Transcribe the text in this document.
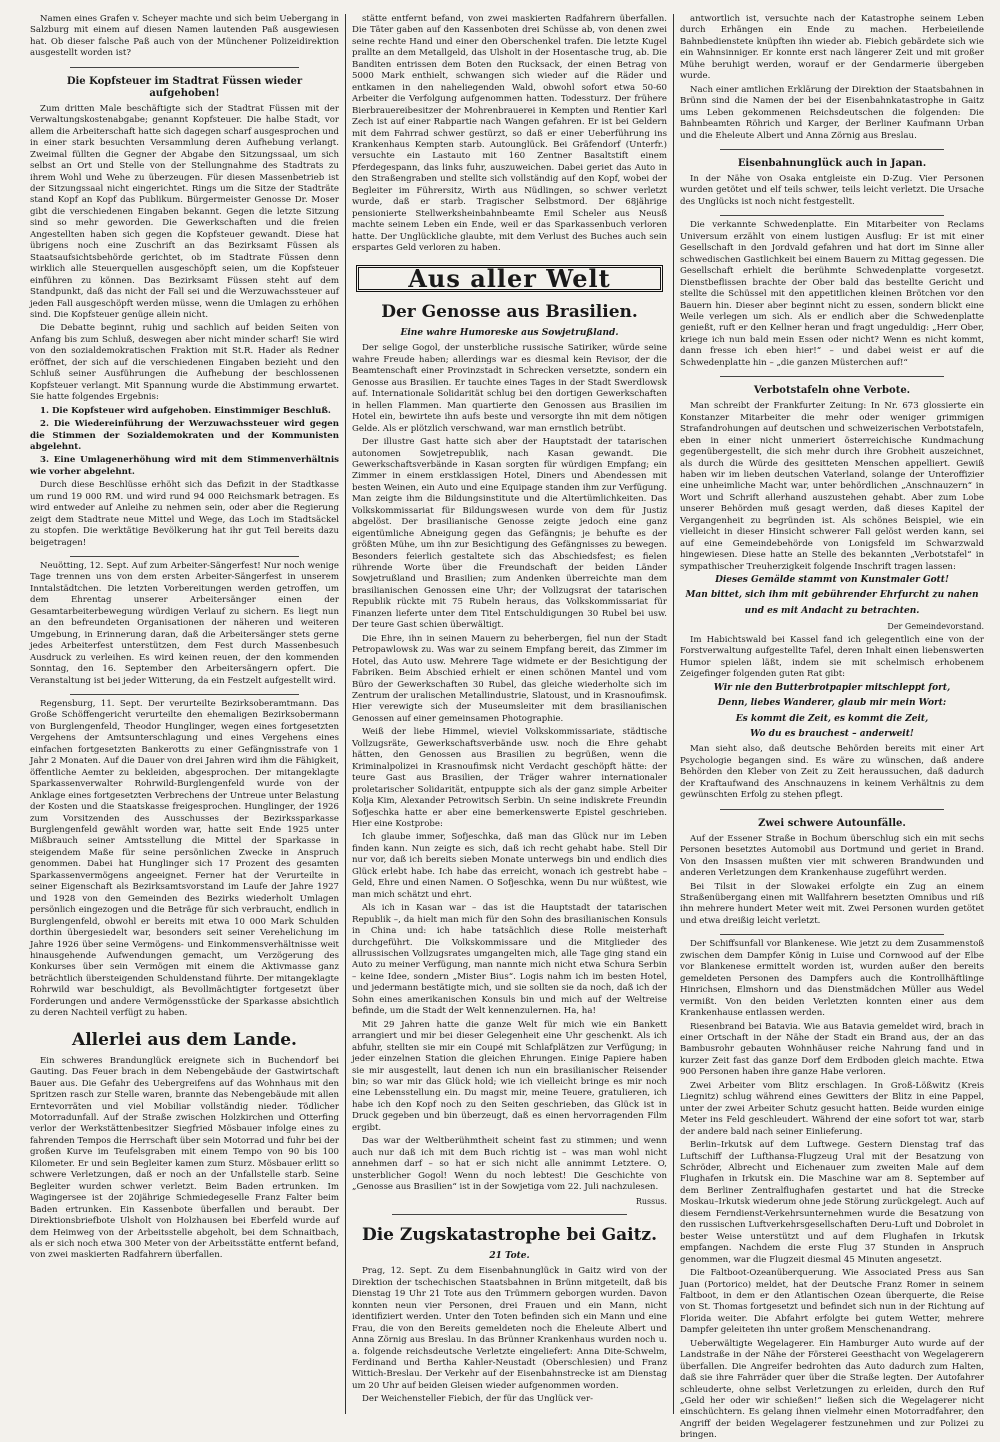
Namen eines Grafen v. Scheyer machte und sich beim Uebergang in Salzburg mit einem auf diesen Namen lautenden Paß ausgewiesen hat. Ob dieser falsche Paß auch von der Münchener Polizeidirektion ausgestellt worden ist?

Die Kopfsteuer im Stadtrat Füssen wieder aufgehoben!

Zum dritten Male beschäftigte sich der Stadtrat Füssen mit der Verwaltungskostenabgabe; genannt Kopfsteuer. Die halbe Stadt, vor allem die Arbeiterschaft hatte sich dagegen scharf ausgesprochen und in einer stark besuchten Versammlung deren Aufhebung verlangt. Zweimal füllten die Gegner der Abgabe den Sitzungssaal, um sich selbst an Ort und Stelle von der Stellungnahme des Stadtrats zu ihrem Wohl und Wehe zu überzeugen. Für diesen Massenbetrieb ist der Sitzungssaal nicht eingerichtet. Rings um die Sitze der Stadträte stand Kopf an Kopf das Publikum. Bürgermeister Genosse Dr. Moser gibt die verschiedenen Eingaben bekannt. Gegen die letzte Sitzung sind so mehr geworden. Die Gewerkschaften und die freien Angestellten haben sich gegen die Kopfsteuer gewandt. Diese hat übrigens noch eine Zuschrift an das Bezirksamt Füssen als Staatsaufsichtsbehörde gerichtet, ob im Stadtrate Füssen denn wirklich alle Steuerquellen ausgeschöpft seien, um die Kopfsteuer einführen zu können. Das Bezirksamt Füssen steht auf dem Standpunkt, daß das nicht der Fall sei und die Werzuwachssteuer auf jeden Fall ausgeschöpft werden müsse, wenn die Umlagen zu erhöhen sind. Die Kopfsteuer genüge allein nicht.

Die Debatte beginnt, ruhig und sachlich auf beiden Seiten von Anfang bis zum Schluß, deswegen aber nicht minder scharf! Sie wird von den sozialdemokratischen Fraktion mit St.R. Hader als Redner eröffnet, der sich auf die verschiedenen Eingaben bezieht und den Schluß seiner Ausführungen die Aufhebung der beschlossenen Kopfsteuer verlangt. Mit Spannung wurde die Abstimmung erwartet. Sie hatte folgendes Ergebnis:

1. Die Kopfsteuer wird aufgehoben. Einstimmiger Beschluß.

2. Die Wiedereinführung der Werzuwachssteuer wird gegen die Stimmen der Sozialdemokraten und der Kommunisten abgelehnt.

3. Eine Umlagenerhöhung wird mit dem Stimmenverhältnis wie vorher abgelehnt.

Durch diese Beschlüsse erhöht sich das Defizit in der Stadtkasse um rund 19 000 RM. und wird rund 94 000 Reichsmark betragen. Es wird entweder auf Anleihe zu nehmen sein, oder aber die Regierung zeigt dem Stadtrate neue Mittel und Wege, das Loch im Stadtsäckel zu stopfen. Die werktätige Bevölkerung hat ihr gut Teil bereits dazu beigetragen!

Neuötting, 12. Sept. Auf zum Arbeiter-Sängerfest! Nur noch wenige Tage trennen uns von dem ersten Arbeiter-Sängerfest in unserem Inntalstädtchen. Die letzten Vorbereitungen werden getroffen, um dem Ehrentag unserer Arbeitersänger einen der Gesamtarbeiterbewegung würdigen Verlauf zu sichern. Es liegt nun an den befreundeten Organisationen der näheren und weiteren Umgebung, in Erinnerung daran, daß die Arbeitersänger stets gerne jedes Arbeiterfest unterstützen, dem Fest durch Massenbesuch Ausdruck zu verleihen. Es wird keinen reuen, der den kommenden Sonntag, den 16. September den Arbeitersängern opfert. Die Veranstaltung ist bei jeder Witterung, da ein Festzelt aufgestellt wird.

Regensburg, 11. Sept. Der verurteilte Bezirksoberamtmann. Das Große Schöffengericht verurteilte den ehemaligen Bezirksobermann von Burglengenfeld, Theodor Hunglinger, wegen eines fortgesetzten Vergehens der Amtsunterschlagung und eines Vergehens eines einfachen fortgesetzten Bankerotts zu einer Gefängnisstrafe von 1 Jahr 2 Monaten. Auf die Dauer von drei Jahren wird ihm die Fähigkeit, öffentliche Aemter zu bekleiden, abgesprochen. Der mitangeklagte Sparkassenverwalter Rohrwild-Burglengenfeld wurde von der Anklage eines fortgesetzten Verbrechens der Untreue unter Belastung der Kosten und die Staatskasse freigesprochen. Hunglinger, der 1926 zum Vorsitzenden des Ausschusses der Bezirkssparkasse Burglengenfeld gewählt worden war, hatte seit Ende 1925 unter Mißbrauch seiner Amtsstellung die Mittel der Sparkasse in steigendem Maße für seine persönlichen Zwecke in Anspruch genommen. Dabei hat Hunglinger sich 17 Prozent des gesamten Sparkassenvermögens angeeignet. Ferner hat der Verurteilte in seiner Eigenschaft als Bezirksamtsvorstand im Laufe der Jahre 1927 und 1928 von den Gemeinden des Bezirks wiederholt Umlagen persönlich eingezogen und die Beträge für sich verbraucht, endlich in Burglengenfeld, obwohl er bereits mit etwa 10 000 Mark Schulden dorthin übergesiedelt war, besonders seit seiner Verehelichung im Jahre 1926 über seine Vermögens- und Einkommensverhältnisse weit hinausgehende Aufwendungen gemacht, um Verzögerung des Konkurses über sein Vermögen mit einem die Aktivmasse ganz beträchtlich übersteigenden Schuldenstand führte. Der mitangeklagte Rohrwild war beschuldigt, als Bevollmächtigter fortgesetzt über Forderungen und andere Vermögensstücke der Sparkasse absichtlich zu deren Nachteil verfügt zu haben.

Allerlei aus dem Lande.

Ein schweres Brandunglück ereignete sich in Buchendorf bei Gauting. Das Feuer brach in dem Nebengebäude der Gastwirtschaft Bauer aus. Die Gefahr des Uebergreifens auf das Wohnhaus mit den Spritzen rasch zur Stelle waren, brannte das Nebengebäude mit allen Erntevorräten und viel Mobiliar vollständig nieder. Tödlicher Motorradunfall. Auf der Straße zwischen Holzkirchen und Otterfing verlor der Werkstättenbesitzer Siegfried Mösbauer infolge eines zu fahrenden Tempos die Herrschaft über sein Motorrad und fuhr bei der großen Kurve im Teufelsgraben mit einem Tempo von 90 bis 100 Kilometer. Er und sein Begleiter kamen zum Sturz. Mösbauer erlitt so schwere Verletzungen, daß er noch an der Unfallstelle starb. Seine Begleiter wurden schwer verletzt. Beim Baden ertrunken. Im Wagingersee ist der 20jährige Schmiedegeselle Franz Falter beim Baden ertrunken. Ein Kassenbote überfallen und beraubt. Der Direktionsbriefbote Ulsholt von Holzhausen bei Eberfeld wurde auf dem Heimweg von der Arbeitsstelle abgeholt, bei dem Schnaitbach, als er sich noch etwa 300 Meter von der Arbeitsstätte entfernt befand, von zwei maskierten Radfahrern überfallen.

stätte entfernt befand, von zwei maskierten Radfahrern überfallen. Die Täter gaben auf den Kassenboten drei Schüsse ab, von denen zwei seine rechte Hand und einer den Oberschenkel trafen. Die letzte Kugel prallte an dem Metallgeld, das Ulsholt in der Hosentasche trug, ab. Die Banditen entrissen dem Boten den Rucksack, der einen Betrag von 5000 Mark enthielt, schwangen sich wieder auf die Räder und entkamen in den naheliegenden Wald, obwohl sofort etwa 50-60 Arbeiter die Verfolgung aufgenommen hatten. Todessturz. Der frühere Bierbrauereibesitzer der Mohrenbrauerei in Kempten und Rentier Karl Zech ist auf einer Rabpartie nach Wangen gefahren. Er ist bei Geldern mit dem Fahrrad schwer gestürzt, so daß er einer Ueberführung ins Krankenhaus Kempten starb. Autounglück. Bei Gräfendorf (Unterfr.) versuchte ein Lastauto mit 160 Zentner Basaltstift einem Pferdegespann, das links fuhr, auszuweichen. Dabei geriet das Auto in den Straßengraben und stellte sich vollständig auf den Kopf, wobei der Begleiter im Führersitz, Wirth aus Nüdlingen, so schwer verletzt wurde, daß er starb. Tragischer Selbstmord. Der 68jährige pensionierte Stellwerksheinbahnbeamte Emil Scheler aus Neusß machte seinem Leben ein Ende, weil er das Sparkassenbuch verloren hatte. Der Unglückliche glaubte, mit dem Verlust des Buches auch sein erspartes Geld verloren zu haben.

Aus aller Welt
Der Genosse aus Brasilien.
Eine wahre Humoreske aus Sowjetrußland.

Der selige Gogol, der unsterbliche russische Satiriker, würde seine wahre Freude haben; allerdings war es diesmal kein Revisor, der die Beamtenschaft einer Provinzstadt in Schrecken versetzte, sondern ein Genosse aus Brasilien. Er tauchte eines Tages in der Stadt Swerdlowsk auf. Internationale Solidarität schlug bei den dortigen Gewerkschaften in hellen Flammen. Man quartierte den Genossen aus Brasilien im Hotel ein, bewirtete ihn aufs beste und versorgte ihn mit dem nötigen Gelde. Als er plötzlich verschwand, war man ernstlich betrübt.

Der illustre Gast hatte sich aber der Hauptstadt der tatarischen autonomen Sowjetrepublik, nach Kasan gewandt. Die Gewerkschaftsverbände in Kasan sorgten für würdigen Empfang; ein Zimmer in einem erstklassigen Hotel, Diners und Abendessen mit besten Weinen, ein Auto und eine Equipage standen ihm zur Verfügung. Man zeigte ihm die Bildungsinstitute und die Altertümlichkeiten. Das Volkskommissariat für Bildungswesen wurde von dem für Justiz abgelöst. Der brasilianische Genosse zeigte jedoch eine ganz eigentümliche Abneigung gegen das Gefängnis; je behufte es der größten Mühe, um ihn zur Besichtigung des Gefängnisses zu bewegen. Besonders feierlich gestaltete sich das Abschiedsfest; es fielen rührende Worte über die Freundschaft der beiden Länder Sowjetrußland und Brasilien; zum Andenken überreichte man dem brasilianischen Genossen eine Uhr; der Vollzugsrat der tatarischen Republik rückte mit 75 Rubeln heraus, das Volkskommissariat für Finanzen lieferte unter dem Titel Entschuldigungen 30 Rubel bei usw. Der teure Gast schien überwältigt.

Die Ehre, ihn in seinen Mauern zu beherbergen, fiel nun der Stadt Petropawlowsk zu. Was war zu seinem Empfang bereit, das Zimmer im Hotel, das Auto usw. Mehrere Tage widmete er der Besichtigung der Fabriken. Beim Abschied erhielt er einen schönen Mantel und vom Büro der Gewerkschaften 30 Rubel, das gleiche wiederholte sich im Zentrum der uralischen Metallindustrie, Slatoust, und in Krasnoufimsk. Hier verewigte sich der Museumsleiter mit dem brasilianischen Genossen auf einer gemeinsamen Photographie.

Weiß der liebe Himmel, wieviel Volkskommissariate, städtische Vollzugsräte, Gewerkschaftsverbände usw. noch die Ehre gehabt hätten, den Genossen aus Brasilien zu begrüßen, wenn die Kriminalpolizei in Krasnoufimsk nicht Verdacht geschöpft hätte: der teure Gast aus Brasilien, der Träger wahrer internationaler proletarischer Solidarität, entpuppte sich als der ganz simple Arbeiter Kolja Kim, Alexander Petrowitsch Serbin. Un seine indiskrete Freundin Sofjeschka hatte er aber eine bemerkenswerte Epistel geschrieben. Hier eine Kostprobe:

Ich glaube immer, Sofjeschka, daß man das Glück nur im Leben finden kann. Nun zeigte es sich, daß ich recht gehabt habe. Stell Dir nur vor, daß ich bereits sieben Monate unterwegs bin und endlich dies Glück erlebt habe. Ich habe das erreicht, wonach ich gestrebt habe – Geld, Ehre und einen Namen. O Sofjeschka, wenn Du nur wüßtest, wie man mich schätzt und ehrt.

Als ich in Kasan war – das ist die Hauptstadt der tatarischen Republik –, da hielt man mich für den Sohn des brasilianischen Konsuls in China und: ich habe tatsächlich diese Rolle meisterhaft durchgeführt. Die Volkskommissare und die Mitglieder des allrussischen Vollzugsrates umgangelten mich, alle Tage ging stand ein Auto zu meiner Verfügung, man nannte mich nicht etwa Schura Serbin – keine Idee, sondern „Mister Bius“. Logis nahm ich im besten Hotel, und jedermann bestätigte mich, und sie sollten sie da noch, daß ich der Sohn eines amerikanischen Konsuls bin und mich auf der Weltreise befinde, um die Stadt der Welt kennenzulernen. Ha, ha!

Mit 29 Jahren hatte die ganze Welt für mich wie ein Bankett arrangiert und mir bei dieser Gelegenheit eine Uhr geschenkt. Als ich abfuhr, stellten sie mir ein Coupé mit Schlafplätzen zur Verfügung; in jeder einzelnen Station die gleichen Ehrungen. Einige Papiere haben sie mir ausgestellt, laut denen ich nun ein brasilianischer Reisender bin; so war mir das Glück hold; wie ich vielleicht bringe es mir noch eine Lebensstellung ein. Du magst mir, meine Teuere, gratulieren, ich habe ich den Kopf noch zu den Seiten geschrieben, das Glück ist in Druck gegeben und bin überzeugt, daß es einen hervorragenden Film ergibt.

Das war der Weltberühmtheit scheint fast zu stimmen; und wenn auch nur daß ich mit dem Buch richtig ist – was man wohl nicht annehmen darf – so hat er sich nicht alle annimmt Letztere. O, unsterblicher Gogol! Wenn du noch lebtest! Die Geschichte von „Genosse aus Brasilien“ ist in der Sowjetiga vom 22. Juli nachzulesen.

Russus.

Die Zugskatastrophe bei Gaitz.
21 Tote.

Prag, 12. Sept. Zu dem Eisenbahnunglück in Gaitz wird von der Direktion der tschechischen Staatsbahnen in Brünn mitgeteilt, daß bis Dienstag 19 Uhr 21 Tote aus den Trümmern geborgen wurden. Davon konnten neun vier Personen, drei Frauen und ein Mann, nicht identifiziert werden. Unter den Toten befinden sich ein Mann und eine Frau, die von den Bereits gemeldeten noch die Eheleute Albert und Anna Zörnig aus Breslau. In das Brünner Krankenhaus wurden noch u. a. folgende reichsdeutsche Verletzte eingeliefert: Anna Dite-Schwelm, Ferdinand und Bertha Kahler-Neustadt (Oberschlesien) und Franz Wittich-Breslau. Der Verkehr auf der Eisenbahnstrecke ist am Dienstag um 20 Uhr auf beiden Gleisen wieder aufgenommen worden.

Der Weichensteller Fiebich, der für das Unglück ver-

antwortlich ist, versuchte nach der Katastrophe seinem Leben durch Erhängen ein Ende zu machen. Herbeieilende Bahnbedienstete knüpften ihn wieder ab. Fiebich gebärdete sich wie ein Wahnsinniger. Er konnte erst nach längerer Zeit und mit großer Mühe beruhigt werden, worauf er der Gendarmerie übergeben wurde.

Nach einer amtlichen Erklärung der Direktion der Staatsbahnen in Brünn sind die Namen der bei der Eisenbahnkatastrophe in Gaitz ums Leben gekommenen Reichsdeutschen die folgenden: Die Bahnbeamten Röhrich und Karger, der Berliner Kaufmann Urban und die Eheleute Albert und Anna Zörnig aus Breslau.

Eisenbahnunglück auch in Japan.

In der Nähe von Osaka entgleiste ein D-Zug. Vier Personen wurden getötet und elf teils schwer, teils leicht verletzt. Die Ursache des Unglücks ist noch nicht festgestellt.

Die verkannte Schwedenplatte. Ein Mitarbeiter von Reclams Universum erzählt von einem lustigen Ausflug: Er ist mit einer Gesellschaft in den Jordvald gefahren und hat dort im Sinne aller schwedischen Gastlichkeit bei einem Bauern zu Mittag gegessen. Die Gesellschaft erhielt die berühmte Schwedenplatte vorgesetzt. Dienstbeflissen brachte der Ober bald das bestellte Gericht und stellte die Schüssel mit den appetitlichen kleinen Brötchen vor den Bauern hin. Dieser aber beginnt nicht zu essen, sondern blickt eine Weile verlegen um sich. Als er endlich aber die Schwedenplatte genießt, ruft er den Kellner heran und fragt ungeduldig: „Herr Ober, kriege ich nun bald mein Essen oder nicht? Wenn es nicht kommt, dann fresse ich eben hier!“ – und dabei weist er auf die Schwedenplatte hin – „die ganzen Müsterchen auf!“

Verbotstafeln ohne Verbote.

Man schreibt der Frankfurter Zeitung: In Nr. 673 glossierte ein Konstanzer Mitarbeiter die mehr oder weniger grimmigen Strafandrohungen auf deutschen und schweizerischen Verbotstafeln, eben in einer nicht unmeriert österreichische Kundmachung gegenübergestellt, die sich mehr durch ihre Grobheit auszeichnet, als durch die Würde des gesitteten Menschen appelliert. Gewiß haben wir im lieben deutschen Vaterland, solange der Unteroffizier eine unheimliche Macht war, unter behördlichen „Anschnauzern“ in Wort und Schrift allerhand auszustehen gehabt. Aber zum Lobe unserer Behörden muß gesagt werden, daß dieses Kapitel der Vergangenheit zu begründen ist. Als schönes Beispiel, wie ein vielleicht in dieser Hinsicht schwerer Fall gelöst werden kann, sei auf eine Gemeindebehörde von Lonigsfeld im Schwarzwald hingewiesen. Diese hatte an Stelle des bekannten „Verbotstafel“ in sympathischer Treuherzigkeit folgende Inschrift tragen lassen:

Dieses Gemälde stammt von Kunstmaler Gott!

Man bittet, sich ihm mit gebührender Ehrfurcht zu nahen

und es mit Andacht zu betrachten.

Der Gemeindevorstand.

Im Habichtswald bei Kassel fand ich gelegentlich eine von der Forstverwaltung aufgestellte Tafel, deren Inhalt einen liebenswerten Humor spielen läßt, indem sie mit schelmisch erhobenem Zeigefinger folgenden guten Rat gibt:

Wir nie den Butterbrotpapier mitschleppt fort,

Denn, liebes Wanderer, glaub mir mein Wort:

Es kommt die Zeit, es kommt die Zeit,

Wo du es brauchest – anderweit!

Man sieht also, daß deutsche Behörden bereits mit einer Art Psychologie begangen sind. Es wäre zu wünschen, daß andere Behörden den Kleber von Zeit zu Zeit heraussuchen, daß dadurch der Kraftaufwand des Anschnauzens in keinem Verhältnis zu dem gewünschten Erfolg zu stehen pflegt.

Zwei schwere Autounfälle.

Auf der Essener Straße in Bochum überschlug sich ein mit sechs Personen besetztes Automobil aus Dortmund und geriet in Brand. Von den Insassen mußten vier mit schweren Brandwunden und anderen Verletzungen dem Krankenhause zugeführt werden.

Bei Tilsit in der Slowakei erfolgte ein Zug an einem Straßenübergang einen mit Wallfahrern besetzten Omnibus und riß ihn mehrere hundert Meter weit mit. Zwei Personen wurden getötet und etwa dreißig leicht verletzt.

Der Schiffsunfall vor Blankenese. Wie jetzt zu dem Zusammenstoß zwischen dem Dampfer König in Luise und Cornwood auf der Elbe vor Blankenese ermittelt worden ist, wurden außer den bereits gemeldeten Personen des Dampfers auch die Kontrollhäftlinge Hinrichsen, Elmshorn und das Dienstmädchen Müller aus Wedel vermißt. Von den beiden Verletzten konnten einer aus dem Krankenhause entlassen werden.

Riesenbrand bei Batavia. Wie aus Batavia gemeldet wird, brach in einer Ortschaft in der Nähe der Stadt ein Brand aus, der an das Bambusrohr gebauten Wohnhäuser reiche Nahrung fand und in kurzer Zeit fast das ganze Dorf dem Erdboden gleich machte. Etwa 900 Personen haben ihre ganze Habe verloren.

Zwei Arbeiter vom Blitz erschlagen. In Groß-Lößwitz (Kreis Liegnitz) schlug während eines Gewitters der Blitz in eine Pappel, unter der zwei Arbeiter Schutz gesucht hatten. Beide wurden einige Meter ins Feld geschleudert. Während der eine sofort tot war, starb der andere bald nach seiner Einlieferung.

Berlin–Irkutsk auf dem Luftwege. Gestern Dienstag traf das Luftschiff der Lufthansa-Flugzeug Ural mit der Besatzung von Schröder, Albrecht und Eichenauer zum zweiten Male auf dem Flughafen in Irkutsk ein. Die Maschine war am 8. September auf dem Berliner Zentralflughafen gestartet und hat die Strecke Moskau–Irkutsk wiederum ohne jede Störung zurückgelegt. Auch auf diesem Ferndienst-Verkehrsunternehmen wurde die Besatzung von den russischen Luftverkehrsgesellschaften Deru-Luft und Dobrolet in bester Weise unterstützt und auf dem Flughafen in Irkutsk empfangen. Nachdem die erste Flug 37 Stunden in Anspruch genommen, war die Flugzeit diesmal 45 Minuten angesetzt.

Die Faltboot-Ozeanüberquerung. Wie Associated Press aus San Juan (Portorico) meldet, hat der Deutsche Franz Romer in seinem Faltboot, in dem er den Atlantischen Ozean überquerte, die Reise von St. Thomas fortgesetzt und befindet sich nun in der Richtung auf Florida weiter. Die Abfahrt erfolgte bei gutem Wetter, mehrere Dampfer geleiteten ihn unter großem Menschenandrang.

Ueberwältigte Wegelagerer. Ein Hamburger Auto wurde auf der Landstraße in der Nähe der Försterei Geesthacht von Wegelagerern überfallen. Die Angreifer bedrohten das Auto dadurch zum Halten, daß sie ihre Fahrräder quer über die Straße legten. Der Autofahrer schleuderte, ohne selbst Verletzungen zu erleiden, durch den Ruf „Geld her oder wir schießen!“ ließen sich die Wegelagerer nicht einschüchtern. Es gelang ihnen vielmehr einen Motorradfahrer, den Angriff der beiden Wegelagerer festzunehmen und zur Polizei zu bringen.
